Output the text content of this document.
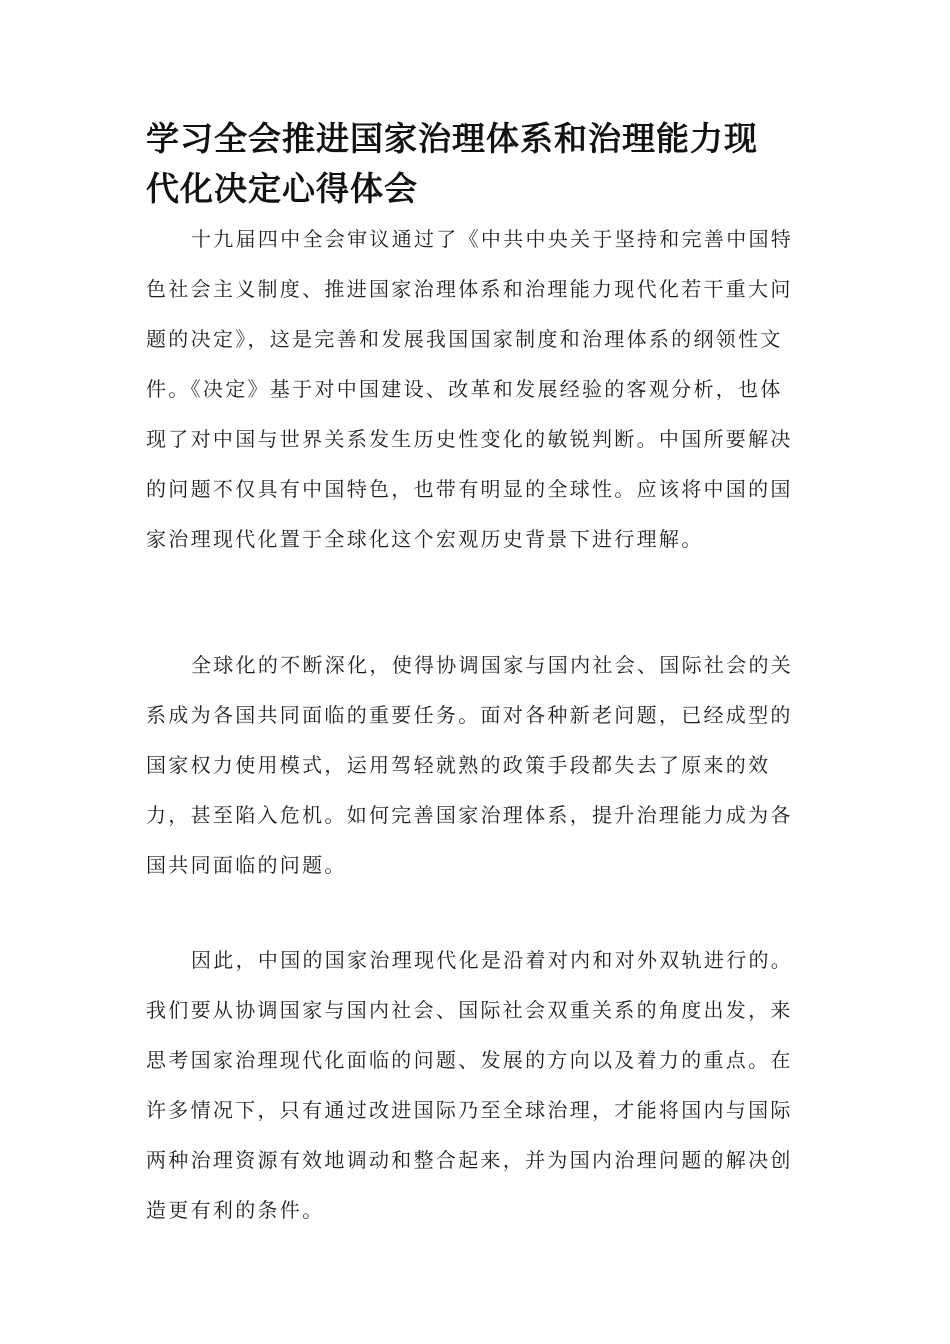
学习全会推进国家治理体系和治理能力现
代化决定心得体会
十九届四中全会审议通过了《中共中央关于坚持和完善中国特
色社会主义制度、推进国家治理体系和治理能力现代化若干重大问
题的决定》，这是完善和发展我国国家制度和治理体系的纲领性文
件。《决定》基于对中国建设、改革和发展经验的客观分析，也体
现了对中国与世界关系发生历史性变化的敏锐判断。中国所要解决
的问题不仅具有中国特色，也带有明显的全球性。应该将中国的国
家治理现代化置于全球化这个宏观历史背景下进行理解。
全球化的不断深化，使得协调国家与国内社会、国际社会的关
系成为各国共同面临的重要任务。面对各种新老问题，已经成型的
国家权力使用模式，运用驾轻就熟的政策手段都失去了原来的效
力，甚至陷入危机。如何完善国家治理体系，提升治理能力成为各
国共同面临的问题。
因此，中国的国家治理现代化是沿着对内和对外双轨进行的。
我们要从协调国家与国内社会、国际社会双重关系的角度出发，来
思考国家治理现代化面临的问题、发展的方向以及着力的重点。在
许多情况下，只有通过改进国际乃至全球治理，才能将国内与国际
两种治理资源有效地调动和整合起来，并为国内治理问题的解决创
造更有利的条件。
